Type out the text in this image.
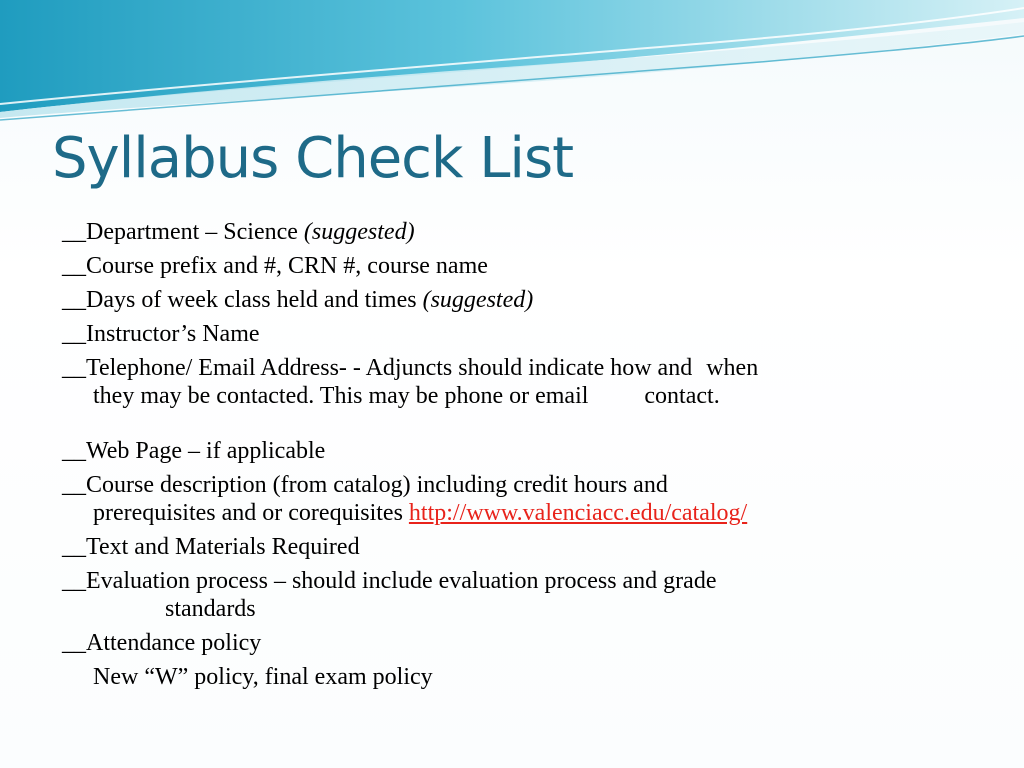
Syllabus Check List
__Department – Science (suggested)
__Course prefix and #, CRN #, course name
__Days of week class held and times (suggested)
__Instructor’s Name
__Telephone/ Email Address- - Adjuncts should indicate how and when
they may be contacted. This may be phone or email contact.
__Web Page – if applicable
__Course description (from catalog) including credit hours and
prerequisites and or corequisites http://www.valenciacc.edu/catalog/
__Text and Materials Required
__Evaluation process – should include evaluation process and grade
standards
__Attendance policy
New “W” policy, final exam policy
